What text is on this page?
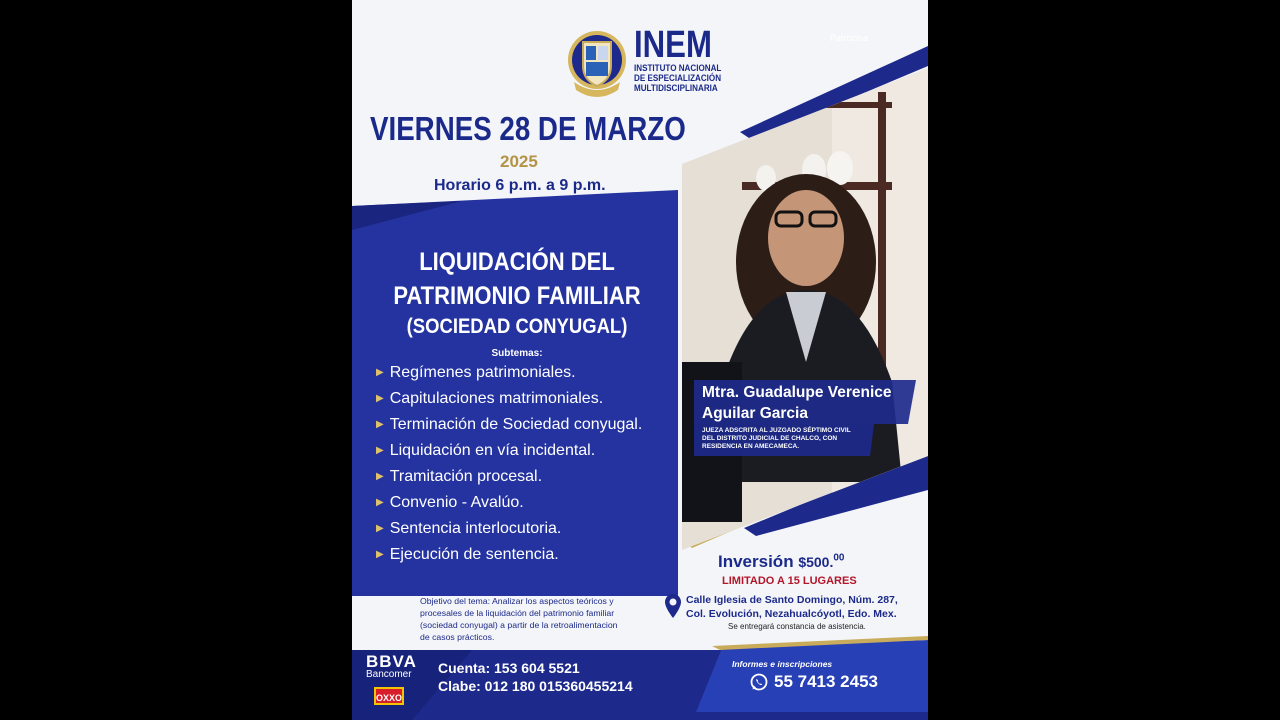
INEM
INSTITUTO NACIONAL
DE ESPECIALIZACIÓN
MULTIDISCIPLINARIA
Patrocina
VIERNES 28 DE MARZO
2025
Horario 6 p.m. a 9 p.m.
LIQUIDACIÓN DEL
PATRIMONIO FAMILIAR
(SOCIEDAD CONYUGAL)
Subtemas:
▶ Regímenes patrimoniales.
▶ Capitulaciones matrimoniales.
▶ Terminación de Sociedad conyugal.
▶ Liquidación en vía incidental.
▶ Tramitación procesal.
▶ Convenio - Avalúo.
▶ Sentencia interlocutoria.
▶ Ejecución de sentencia.
Mtra. Guadalupe Verenice
Aguilar Garcia
JUEZA ADSCRITA AL JUZGADO SÉPTIMO CIVIL
DEL DISTRITO JUDICIAL DE CHALCO, CON
RESIDENCIA EN AMECAMECA.
Inversión $500.00
LIMITADO A 15 LUGARES
Calle Iglesia de Santo Domingo, Núm. 287,
Col. Evolución, Nezahualcóyotl, Edo. Mex.
Se entregará constancia de asistencia.
Objetivo del tema: Analizar los aspectos teóricos y
procesales de la liquidación del patrimonio familiar
(sociedad conyugal) a partir de la retroalimentacion
de casos prácticos.
BBVA
Bancomer
OXXO
Cuenta: 153 604 5521
Clabe: 012 180 015360455214
Informes e inscripciones
55 7413 2453
